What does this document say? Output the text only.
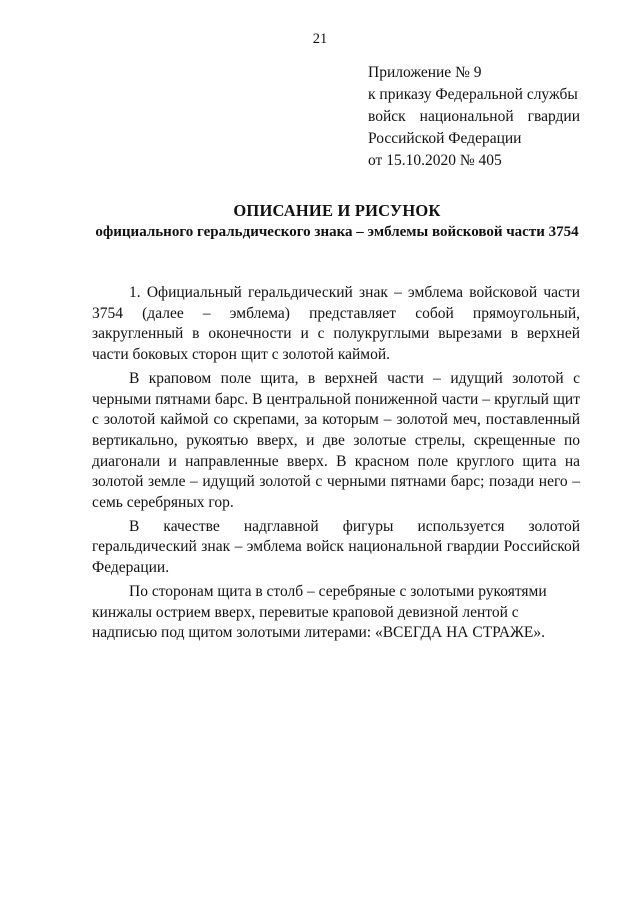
21
Приложение № 9
к приказу Федеральной службы
войск национальной гвардии
Российской Федерации
от 15.10.2020 № 405
ОПИСАНИЕ И РИСУНОК
официального геральдического знака – эмблемы войсковой части 3754

1. Официальный геральдический знак – эмблема войсковой части 3754 (далее – эмблема) представляет собой прямоугольный, закругленный в оконечности и с полукруглыми вырезами в верхней части боковых сторон щит с золотой каймой.

В краповом поле щита, в верхней части – идущий золотой с черными пятнами барс. В центральной пониженной части – круглый щит с золотой каймой со скрепами, за которым – золотой меч, поставленный вертикально, рукоятью вверх, и две золотые стрелы, скрещенные по диагонали и направленные вверх. В красном поле круглого щита на золотой земле – идущий золотой с черными пятнами барс; позади него – семь серебряных гор.

В качестве надглавной фигуры используется золотой геральдический знак – эмблема войск национальной гвардии Российской Федерации.

По сторонам щита в столб – серебряные с золотыми рукоятями кинжалы острием вверх, перевитые краповой девизной лентой с надписью под щитом золотыми литерами: «ВСЕГДА НА СТРАЖЕ».
